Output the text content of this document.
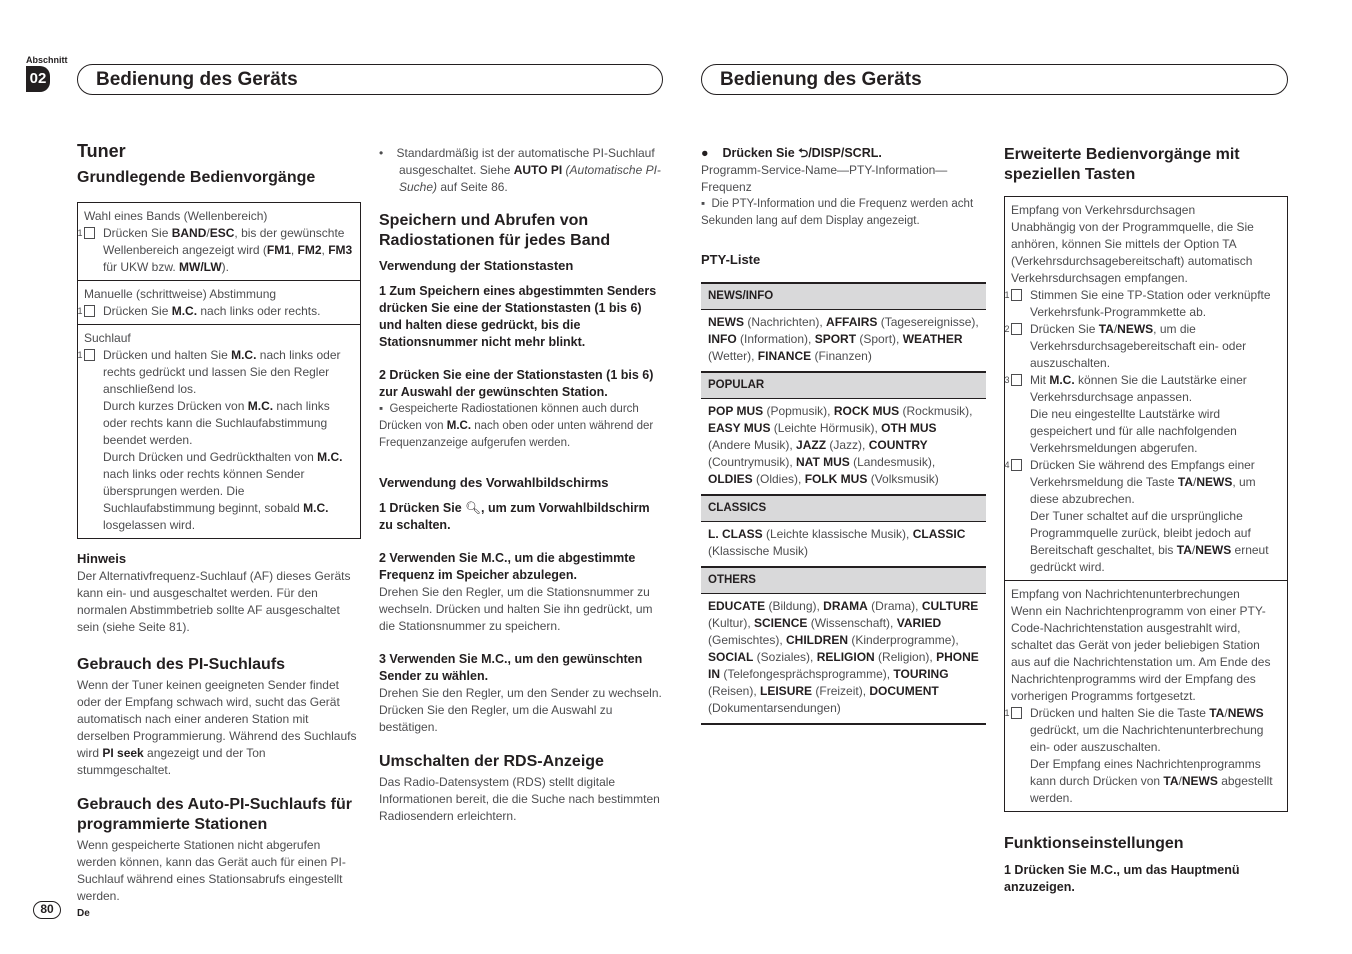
Abschnitt
02	Bedienung des Geräts	Bedienung des Geräts
Tuner
Grundlegende Bedienvorgänge

Wahl eines Bands (Wellenbereich)

1 Drücken Sie BAND/ESC, bis der gewünschte Wellenbereich angezeigt wird (FM1, FM2, FM3 für UKW bzw. MW/LW).

Manuelle (schrittweise) Abstimmung

1 Drücken Sie M.C. nach links oder rechts.

Suchlauf

1 Drücken und halten Sie M.C. nach links oder rechts gedrückt und lassen Sie den Regler anschließend los.

Durch kurzes Drücken von M.C. nach links oder rechts kann die Suchlaufabstimmung beendet werden.

Durch Drücken und Gedrückthalten von M.C. nach links oder rechts können Sender übersprungen werden. Die Suchlaufabstimmung beginnt, sobald M.C. losgelassen wird.

Hinweis

Der Alternativfrequenz-Suchlauf (AF) dieses Geräts kann ein- und ausgeschaltet werden. Für den normalen Abstimmbetrieb sollte AF ausgeschaltet sein (siehe Seite 81).

Gebrauch des PI-Suchlaufs

Wenn der Tuner keinen geeigneten Sender findet oder der Empfang schwach wird, sucht das Gerät automatisch nach einer anderen Station mit derselben Programmierung. Während des Suchlaufs wird PI seek angezeigt und der Ton stummgeschaltet.

Gebrauch des Auto-PI-Suchlaufs für programmierte Stationen

Wenn gespeicherte Stationen nicht abgerufen werden können, kann das Gerät auch für einen PI-Suchlauf während eines Stationsabrufs eingestellt werden.

•    Standardmäßig ist der automatische PI-Suchlauf ausgeschaltet. Siehe AUTO PI (Automatische PI-Suche) auf Seite 86.

Speichern und Abrufen von Radiostationen für jedes Band
Verwendung der Stationstasten

1 Zum Speichern eines abgestimmten Senders drücken Sie eine der Stationstasten (1 bis 6) und halten diese gedrückt, bis die Stationsnummer nicht mehr blinkt.

2 Drücken Sie eine der Stationstasten (1 bis 6) zur Auswahl der gewünschten Station.

▪  Gespeicherte Radiostationen können auch durch Drücken von M.C. nach oben oder unten während der Frequenzanzeige aufgerufen werden.

Verwendung des Vorwahlbildschirms

1 Drücken Sie 🔍︎, um zum Vorwahlbildschirm zu schalten.

2 Verwenden Sie M.C., um die abgestimmte Frequenz im Speicher abzulegen.

Drehen Sie den Regler, um die Stationsnummer zu wechseln. Drücken und halten Sie ihn gedrückt, um die Stationsnummer zu speichern.

3 Verwenden Sie M.C., um den gewünschten Sender zu wählen.

Drehen Sie den Regler, um den Sender zu wechseln. Drücken Sie den Regler, um die Auswahl zu bestätigen.

Umschalten der RDS-Anzeige

Das Radio-Datensystem (RDS) stellt digitale Informationen bereit, die die Suche nach bestimmten Radiosendern erleichtern.

●    Drücken Sie ⮌/DISP/SCRL.

Programm-Service-Name—PTY-Information—Frequenz

▪  Die PTY-Information und die Frequenz werden acht Sekunden lang auf dem Display angezeigt.

PTY-Liste
NEWS/INFO
NEWS (Nachrichten), AFFAIRS (Tagesereignisse), INFO (Information), SPORT (Sport), WEATHER (Wetter), FINANCE (Finanzen)
POPULAR
POP MUS (Popmusik), ROCK MUS (Rockmusik), EASY MUS (Leichte Hörmusik), OTH MUS (Andere Musik), JAZZ (Jazz), COUNTRY (Countrymusik), NAT MUS (Landesmusik), OLDIES (Oldies), FOLK MUS (Volksmusik)
CLASSICS
L. CLASS (Leichte klassische Musik), CLASSIC (Klassische Musik)
OTHERS
EDUCATE (Bildung), DRAMA (Drama), CULTURE (Kultur), SCIENCE (Wissenschaft), VARIED (Gemischtes), CHILDREN (Kinderprogramme), SOCIAL (Soziales), RELIGION (Religion), PHONE IN (Telefongesprächsprogramme), TOURING (Reisen), LEISURE (Freizeit), DOCUMENT (Dokumentarsendungen)
Erweiterte Bedienvorgänge mit speziellen Tasten

Empfang von Verkehrsdurchsagen

Unabhängig von der Programmquelle, die Sie anhören, können Sie mittels der Option TA (Verkehrsdurchsagebereitschaft) automatisch Verkehrsdurchsagen empfangen.

1 Stimmen Sie eine TP-Station oder verknüpfte Verkehrsfunk-Programmkette ab.

2 Drücken Sie TA/NEWS, um die Verkehrsdurchsagebereitschaft ein- oder auszuschalten.

3 Mit M.C. können Sie die Lautstärke einer Verkehrsdurchsage anpassen.

Die neu eingestellte Lautstärke wird gespeichert und für alle nachfolgenden Verkehrsmeldungen abgerufen.

4 Drücken Sie während des Empfangs einer Verkehrsmeldung die Taste TA/NEWS, um diese abzubrechen.

Der Tuner schaltet auf die ursprüngliche Programmquelle zurück, bleibt jedoch auf Bereitschaft geschaltet, bis TA/NEWS erneut gedrückt wird.

Empfang von Nachrichtenunterbrechungen

Wenn ein Nachrichtenprogramm von einer PTY-Code-Nachrichtenstation ausgestrahlt wird, schaltet das Gerät von jeder beliebigen Station aus auf die Nachrichtenstation um. Am Ende des Nachrichtenprogramms wird der Empfang des vorherigen Programms fortgesetzt.

1 Drücken und halten Sie die Taste TA/NEWS gedrückt, um die Nachrichtenunterbrechung ein- oder auszuschalten.

Der Empfang eines Nachrichtenprogramms kann durch Drücken von TA/NEWS abgestellt werden.

Funktionseinstellungen

1 Drücken Sie M.C., um das Hauptmenü anzuzeigen.

80	De
